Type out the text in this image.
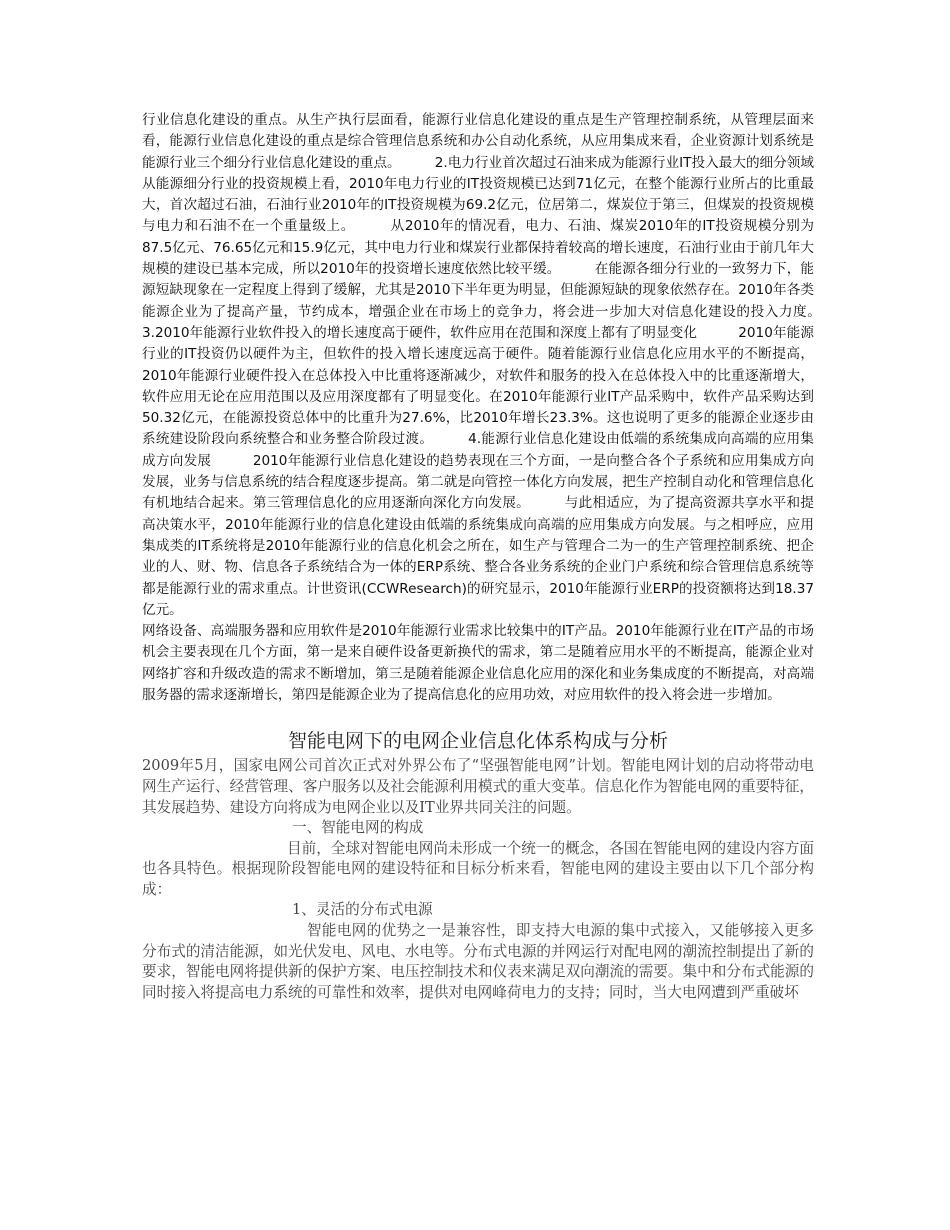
行业信息化建设的重点。从生产执行层面看，能源行业信息化建设的重点是生产管理控制系统，从管理层面来看，能源行业信息化建设的重点是综合管理信息系统和办公自动化系统，从应用集成来看，企业资源计划系统是能源行业三个细分行业信息化建设的重点。　　　2.电力行业首次超过石油来成为能源行业IT投入最大的细分领域　　　从能源细分行业的投资规模上看，2010年电力行业的IT投资规模已达到71亿元，在整个能源行业所占的比重最大，首次超过石油，石油行业2010年的IT投资规模为69.2亿元，位居第二，煤炭位于第三，但煤炭的投资规模与电力和石油不在一个重量级上。　　　从2010年的情况看，电力、石油、煤炭2010年的IT投资规模分别为87.5亿元、76.65亿元和15.9亿元，其中电力行业和煤炭行业都保持着较高的增长速度，石油行业由于前几年大规模的建设已基本完成，所以2010年的投资增长速度依然比较平缓。　　　在能源各细分行业的一致努力下，能源短缺现象在一定程度上得到了缓解，尤其是2010下半年更为明显，但能源短缺的现象依然存在。2010年各类能源企业为了提高产量，节约成本，增强企业在市场上的竞争力，将会进一步加大对信息化建设的投入力度。　　　3.2010年能源行业软件投入的增长速度高于硬件，软件应用在范围和深度上都有了明显变化　　　2010年能源行业的IT投资仍以硬件为主，但软件的投入增长速度远高于硬件。随着能源行业信息化应用水平的不断提高，2010年能源行业硬件投入在总体投入中比重将逐渐减少，对软件和服务的投入在总体投入中的比重逐渐增大，软件应用无论在应用范围以及应用深度都有了明显变化。在2010年能源行业IT产品采购中，软件产品采购达到50.32亿元，在能源投资总体中的比重升为27.6%，比2010年增长23.3%。这也说明了更多的能源企业逐步由系统建设阶段向系统整合和业务整合阶段过渡。　　　4.能源行业信息化建设由低端的系统集成向高端的应用集成方向发展　　　2010年能源行业信息化建设的趋势表现在三个方面，一是向整合各个子系统和应用集成方向发展，业务与信息系统的结合程度逐步提高。第二就是向管控一体化方向发展，把生产控制自动化和管理信息化有机地结合起来。第三管理信息化的应用逐渐向深化方向发展。　　　与此相适应，为了提高资源共享水平和提高决策水平，2010年能源行业的信息化建设由低端的系统集成向高端的应用集成方向发展。与之相呼应，应用集成类的IT系统将是2010年能源行业的信息化机会之所在，如生产与管理合二为一的生产管理控制系统、把企业的人、财、物、信息各子系统结合为一体的ERP系统、整合各业务系统的企业门户系统和综合管理信息系统等都是能源行业的需求重点。计世资讯(CCWResearch)的研究显示，2010年能源行业ERP的投资额将达到18.37亿元。

网络设备、高端服务器和应用软件是2010年能源行业需求比较集中的IT产品。2010年能源行业在IT产品的市场机会主要表现在几个方面，第一是来自硬件设备更新换代的需求，第二是随着应用水平的不断提高，能源企业对网络扩容和升级改造的需求不断增加，第三是随着能源企业信息化应用的深化和业务集成度的不断提高，对高端服务器的需求逐渐增长，第四是能源企业为了提高信息化的应用功效，对应用软件的投入将会进一步增加。

智能电网下的电网企业信息化体系构成与分析

2009年5月，国家电网公司首次正式对外界公布了“坚强智能电网”计划。智能电网计划的启动将带动电网生产运行、经营管理、客户服务以及社会能源利用模式的重大变革。信息化作为智能电网的重要特征，其发展趋势、建设方向将成为电网企业以及IT业界共同关注的问题。

一、智能电网的构成

目前，全球对智能电网尚未形成一个统一的概念，各国在智能电网的建设内容方面也各具特色。根据现阶段智能电网的建设特征和目标分析来看，智能电网的建设主要由以下几个部分构成：

1、灵活的分布式电源

智能电网的优势之一是兼容性，即支持大电源的集中式接入，又能够接入更多分布式的清洁能源，如光伏发电、风电、水电等。分布式电源的并网运行对配电网的潮流控制提出了新的要求，智能电网将提供新的保护方案、电压控制技术和仪表来满足双向潮流的需要。集中和分布式能源的同时接入将提高电力系统的可靠性和效率，提供对电网峰荷电力的支持；同时，当大电网遭到严重破坏
